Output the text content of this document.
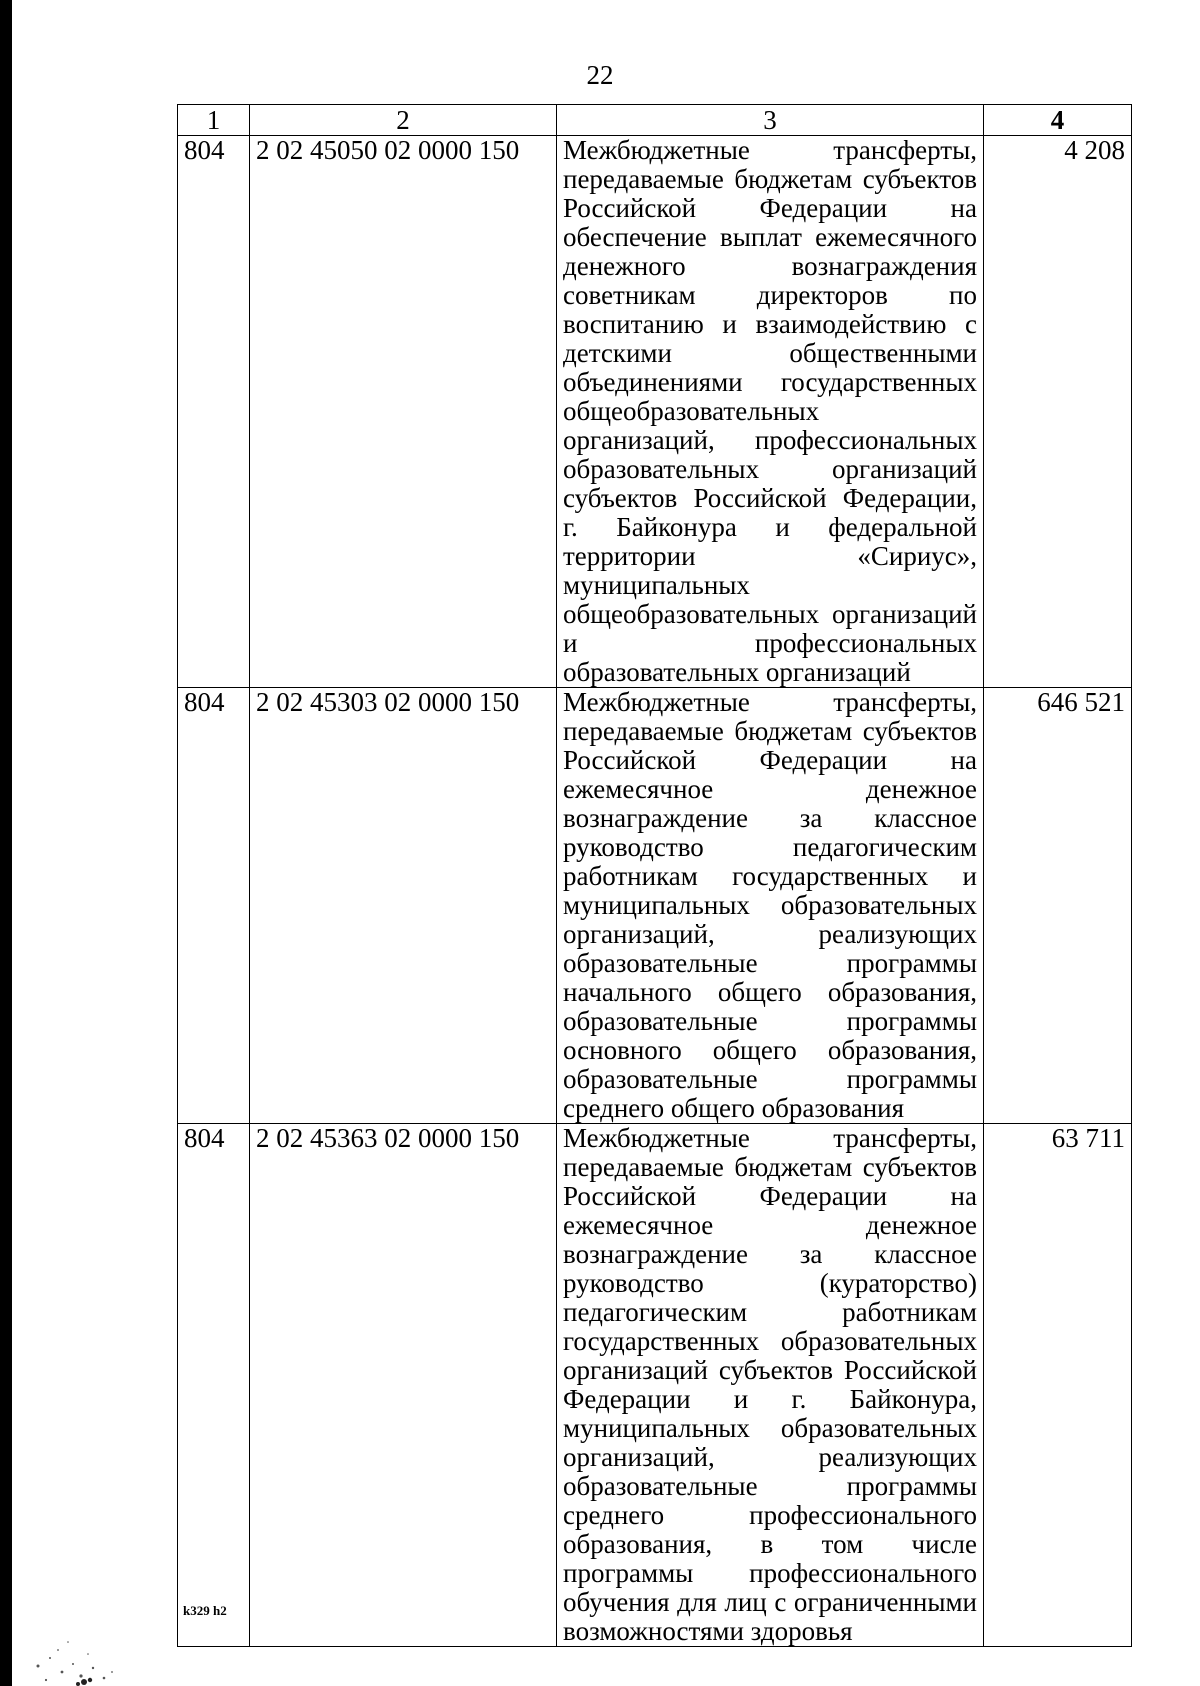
22
1	2	3	4
804	2 02 45050 02 0000 150	Межбюджетные трансферты, передаваемые бюджетам субъектов Российской Федерации на обеспечение выплат ежемесячного денежного вознаграждения советникам директоров по воспитанию и взаимодействию с детскими общественными объединениями государственных общеобразовательных организаций, профессиональных образовательных организаций субъектов Российской Федерации, г. Байконура и федеральной территории «Сириус», муниципальных общеобразовательных организаций и профессиональных образовательных организаций	4 208
804	2 02 45303 02 0000 150	Межбюджетные трансферты, передаваемые бюджетам субъектов Российской Федерации на ежемесячное денежное вознаграждение за классное руководство педагогическим работникам государственных и муниципальных образовательных организаций, реализующих образовательные программы начального общего образования, образовательные программы основного общего образования, образовательные программы среднего общего образования	646 521
804	2 02 45363 02 0000 150	Межбюджетные трансферты, передаваемые бюджетам субъектов Российской Федерации на ежемесячное денежное вознаграждение за классное руководство (кураторство) педагогическим работникам государственных образовательных организаций субъектов Российской Федерации и г. Байконура, муниципальных образовательных организаций, реализующих образовательные программы среднего профессионального образования, в том числе программы профессионального обучения для лиц с ограниченными возможностями здоровья	63 711
k329 h2
